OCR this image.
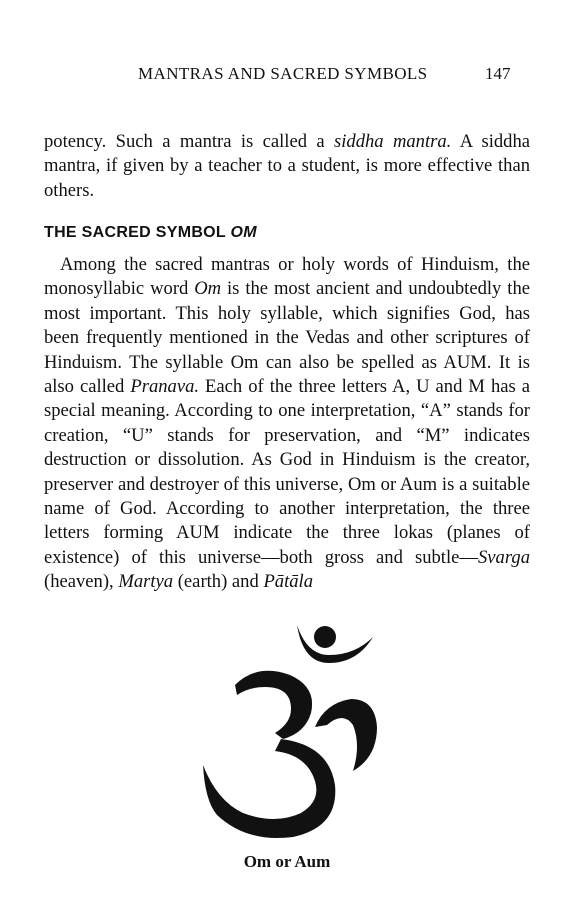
MANTRAS AND SACRED SYMBOLS	147

potency. Such a mantra is called a siddha mantra. A siddha mantra, if given by a teacher to a student, is more effective than others.

THE SACRED SYMBOL OM

Among the sacred mantras or holy words of Hinduism, the monosyllabic word Om is the most ancient and undoubtedly the most important. This holy syllable, which signifies God, has been frequently mentioned in the Vedas and other scriptures of Hinduism. The syllable Om can also be spelled as AUM. It is also called Pranava. Each of the three letters A, U and M has a special meaning. According to one interpretation, “A” stands for creation, “U” stands for preservation, and “M” indicates destruction or dissolution. As God in Hinduism is the creator, preserver and destroyer of this universe, Om or Aum is a suitable name of God. According to another interpretation, the three letters forming AUM indicate the three lokas (planes of existence) of this universe—both gross and subtle—Svarga (heaven), Martya (earth) and Pātāla

Om or Aum
